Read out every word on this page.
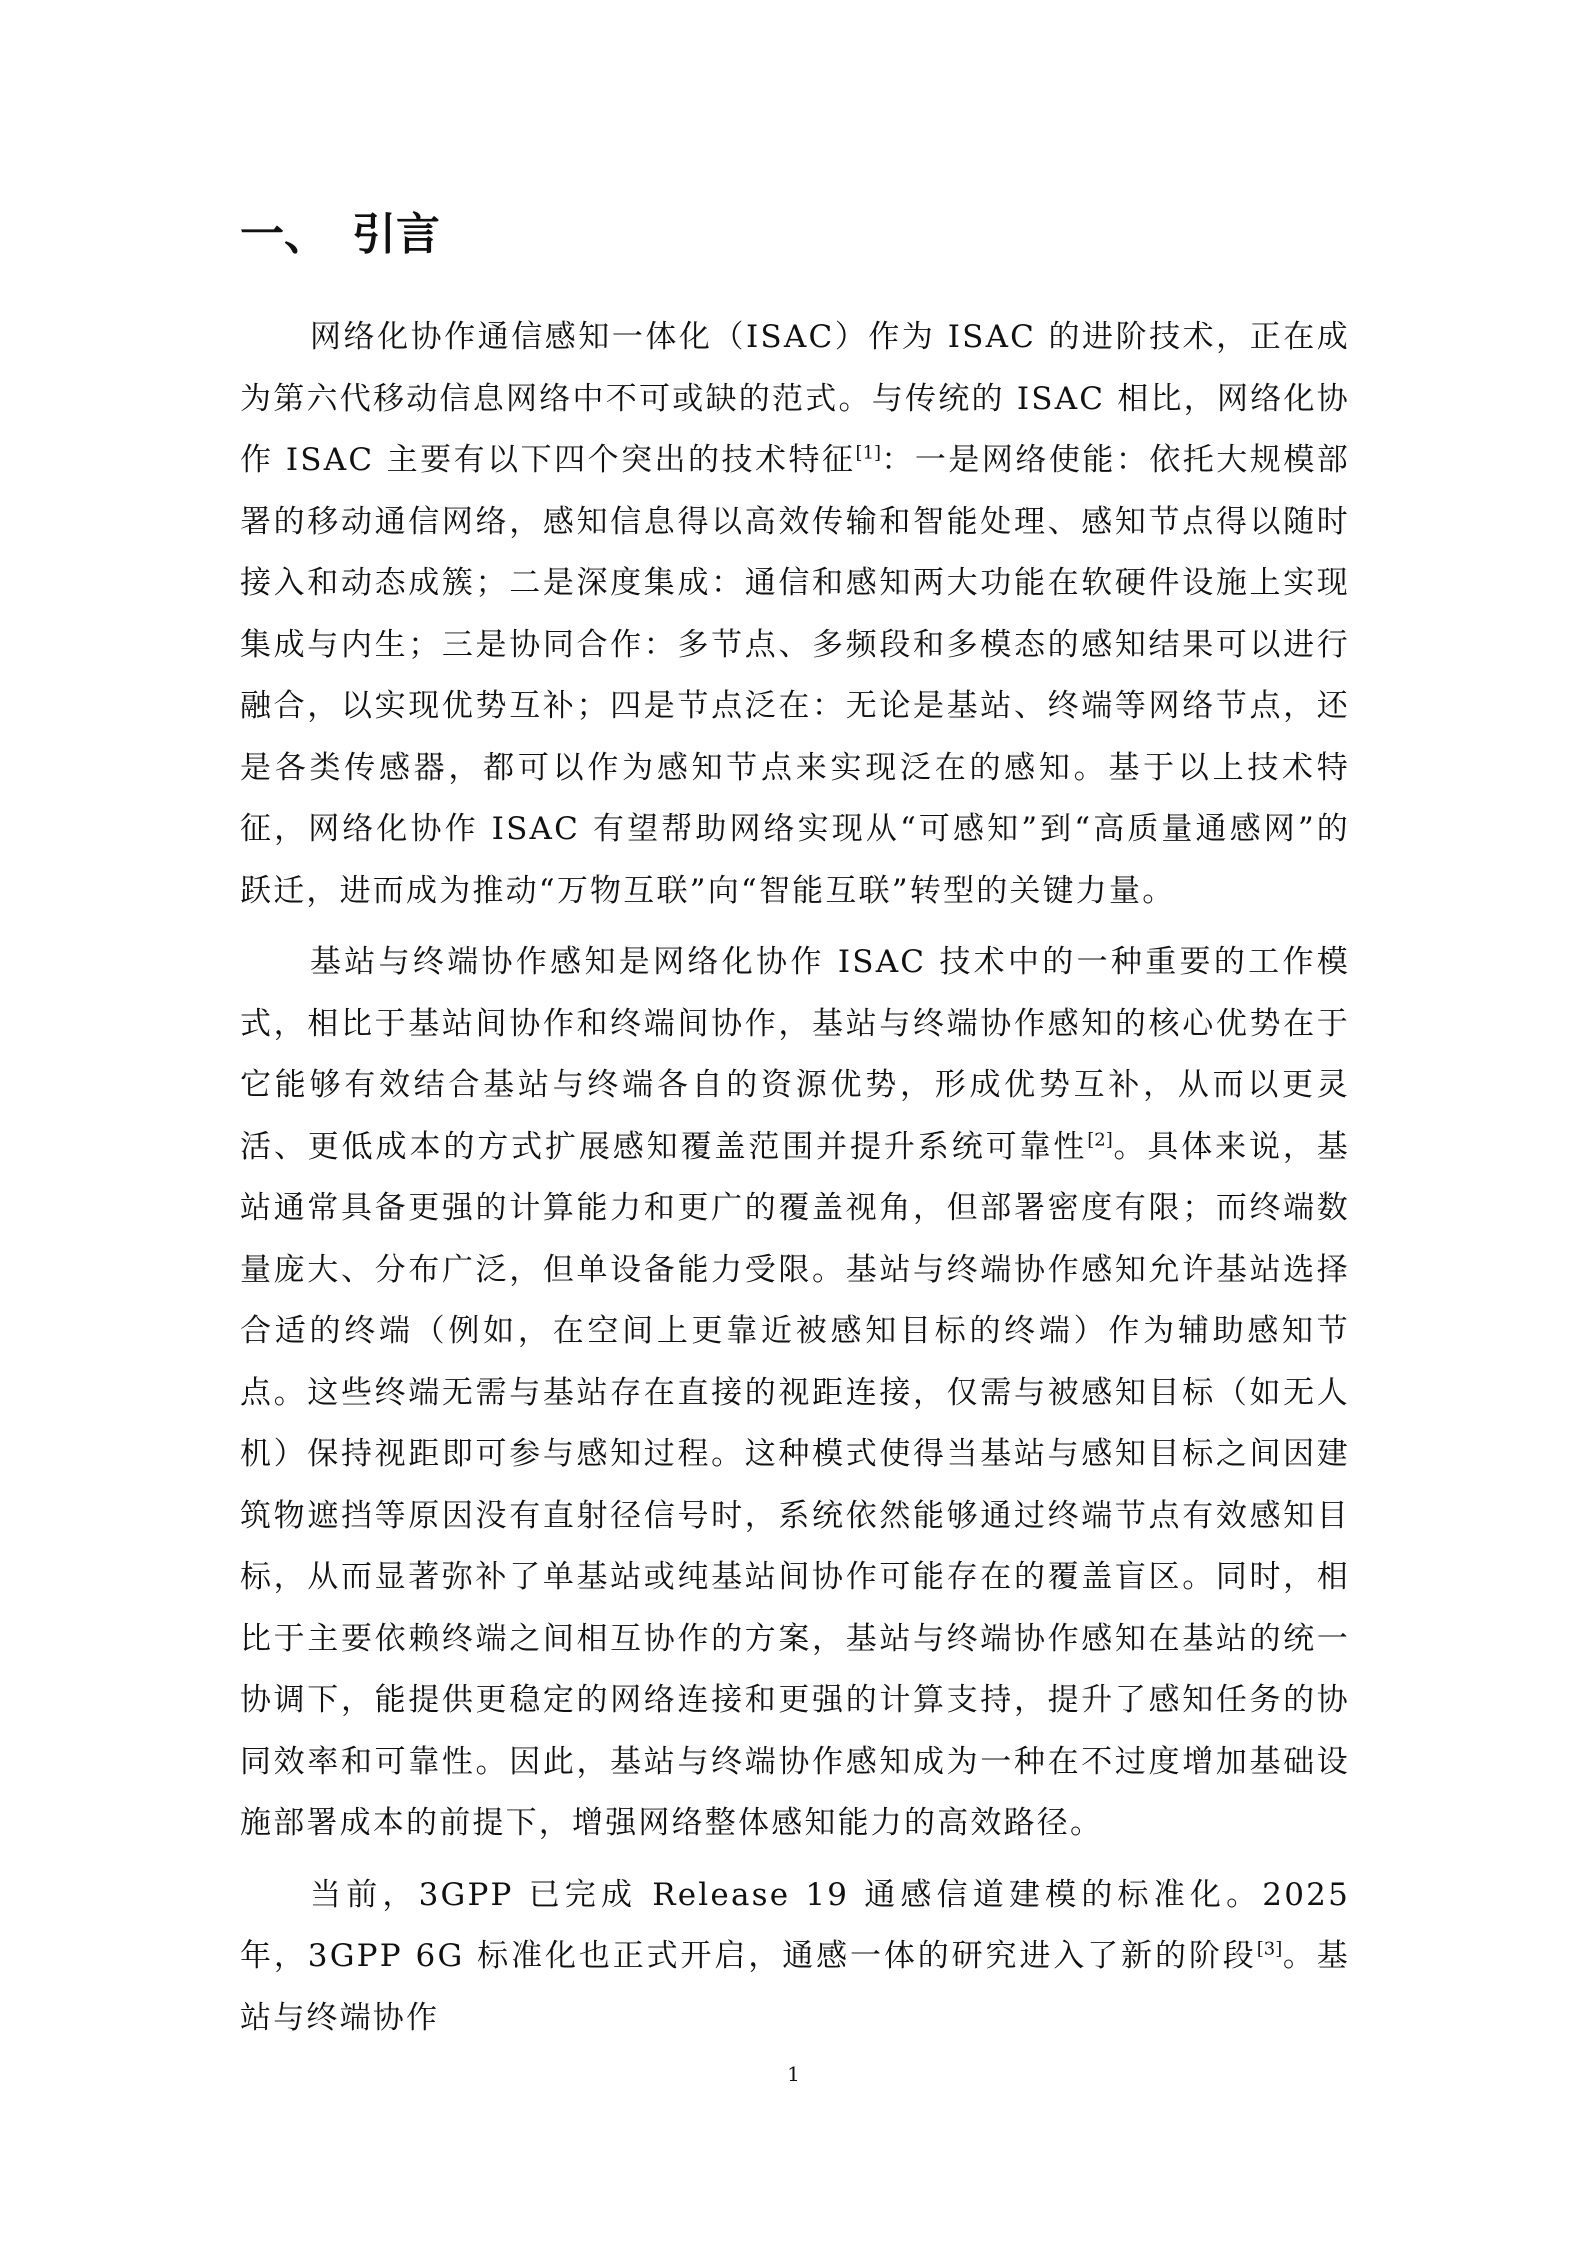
一、 引言

网络化协作通信感知一体化（ISAC）作为 ISAC 的进阶技术，正在成为第六代移动信息网络中不可或缺的范式。与传统的 ISAC 相比，网络化协作 ISAC 主要有以下四个突出的技术特征[1]：一是网络使能：依托大规模部署的移动通信网络，感知信息得以高效传输和智能处理、感知节点得以随时接入和动态成簇；二是深度集成：通信和感知两大功能在软硬件设施上实现集成与内生；三是协同合作：多节点、多频段和多模态的感知结果可以进行融合，以实现优势互补；四是节点泛在：无论是基站、终端等网络节点，还是各类传感器，都可以作为感知节点来实现泛在的感知。基于以上技术特征，网络化协作 ISAC 有望帮助网络实现从“可感知”到“高质量通感网”的跃迁，进而成为推动“万物互联”向“智能互联”转型的关键力量。

基站与终端协作感知是网络化协作 ISAC 技术中的一种重要的工作模式，相比于基站间协作和终端间协作，基站与终端协作感知的核心优势在于它能够有效结合基站与终端各自的资源优势，形成优势互补，从而以更灵活、更低成本的方式扩展感知覆盖范围并提升系统可靠性[2]。具体来说，基站通常具备更强的计算能力和更广的覆盖视角，但部署密度有限；而终端数量庞大、分布广泛，但单设备能力受限。基站与终端协作感知允许基站选择合适的终端（例如，在空间上更靠近被感知目标的终端）作为辅助感知节点。这些终端无需与基站存在直接的视距连接，仅需与被感知目标（如无人机）保持视距即可参与感知过程。这种模式使得当基站与感知目标之间因建筑物遮挡等原因没有直射径信号时，系统依然能够通过终端节点有效感知目标，从而显著弥补了单基站或纯基站间协作可能存在的覆盖盲区。同时，相比于主要依赖终端之间相互协作的方案，基站与终端协作感知在基站的统一协调下，能提供更稳定的网络连接和更强的计算支持，提升了感知任务的协同效率和可靠性。因此，基站与终端协作感知成为一种在不过度增加基础设施部署成本的前提下，增强网络整体感知能力的高效路径。

当前，3GPP 已完成 Release 19 通感信道建模的标准化。2025 年，3GPP 6G 标准化也正式开启，通感一体的研究进入了新的阶段[3]。基站与终端协作

1
